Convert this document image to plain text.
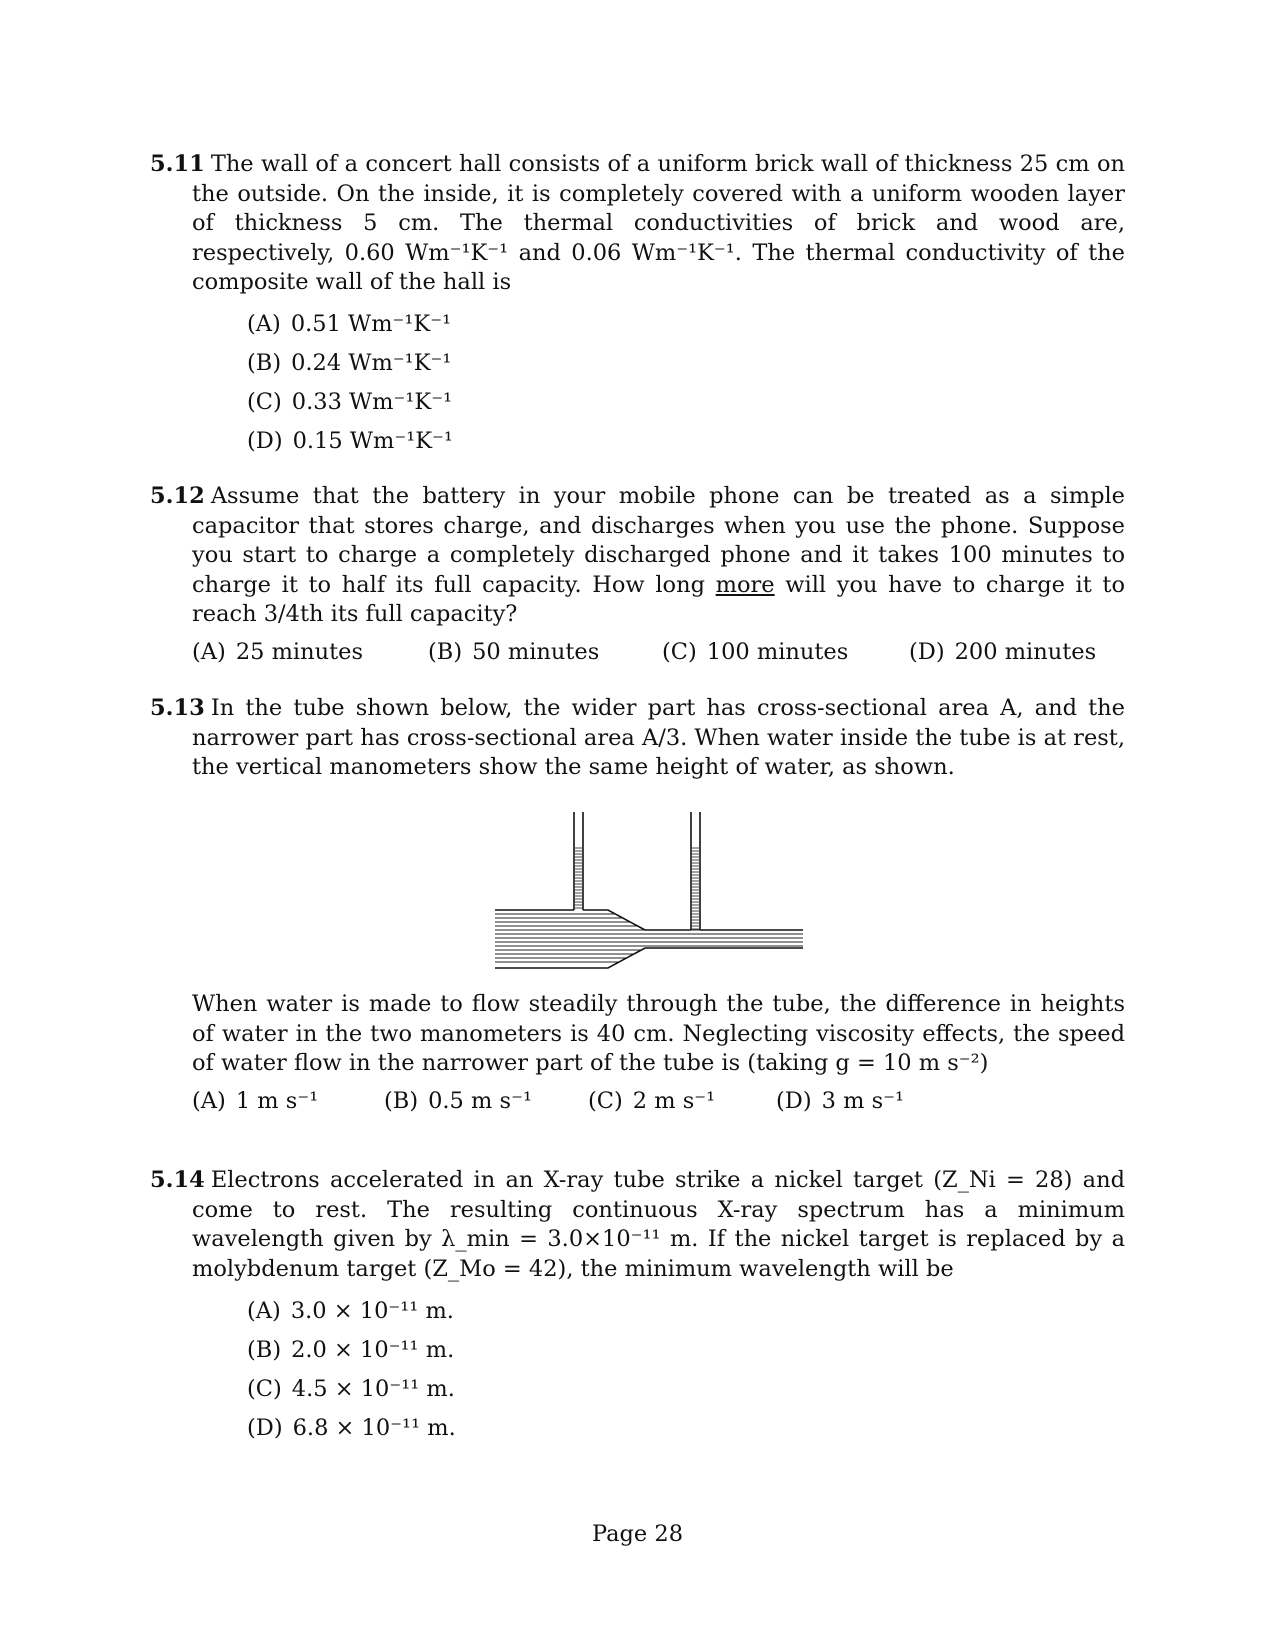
5.11 The wall of a concert hall consists of a uniform brick wall of thickness 25 cm on the outside. On the inside, it is completely covered with a uniform wooden layer of thickness 5 cm. The thermal conductivities of brick and wood are, respectively, 0.60 Wm⁻¹K⁻¹ and 0.06 Wm⁻¹K⁻¹. The thermal conductivity of the composite wall of the hall is

(A) 0.51 Wm⁻¹K⁻¹
(B) 0.24 Wm⁻¹K⁻¹
(C) 0.33 Wm⁻¹K⁻¹
(D) 0.15 Wm⁻¹K⁻¹

5.12 Assume that the battery in your mobile phone can be treated as a simple capacitor that stores charge, and discharges when you use the phone. Suppose you start to charge a completely discharged phone and it takes 100 minutes to charge it to half its full capacity. How long more will you have to charge it to reach 3/4th its full capacity?

(A) 25 minutes	(B) 50 minutes	(C) 100 minutes	(D) 200 minutes

5.13 In the tube shown below, the wider part has cross-sectional area A, and the narrower part has cross-sectional area A/3. When water inside the tube is at rest, the vertical manometers show the same height of water, as shown.

When water is made to flow steadily through the tube, the difference in heights of water in the two manometers is 40 cm. Neglecting viscosity effects, the speed of water flow in the narrower part of the tube is (taking g = 10 m s⁻²)

(A) 1 m s⁻¹	(B) 0.5 m s⁻¹ (C) 2 m s⁻¹	(D) 3 m s⁻¹

5.14 Electrons accelerated in an X-ray tube strike a nickel target (Z_Ni = 28) and come to rest. The resulting continuous X-ray spectrum has a minimum wavelength given by λ_min = 3.0×10⁻¹¹ m. If the nickel target is replaced by a molybdenum target (Z_Mo = 42), the minimum wavelength will be

(A) 3.0 × 10⁻¹¹ m.
(B) 2.0 × 10⁻¹¹ m.
(C) 4.5 × 10⁻¹¹ m.
(D) 6.8 × 10⁻¹¹ m.
Page 28
